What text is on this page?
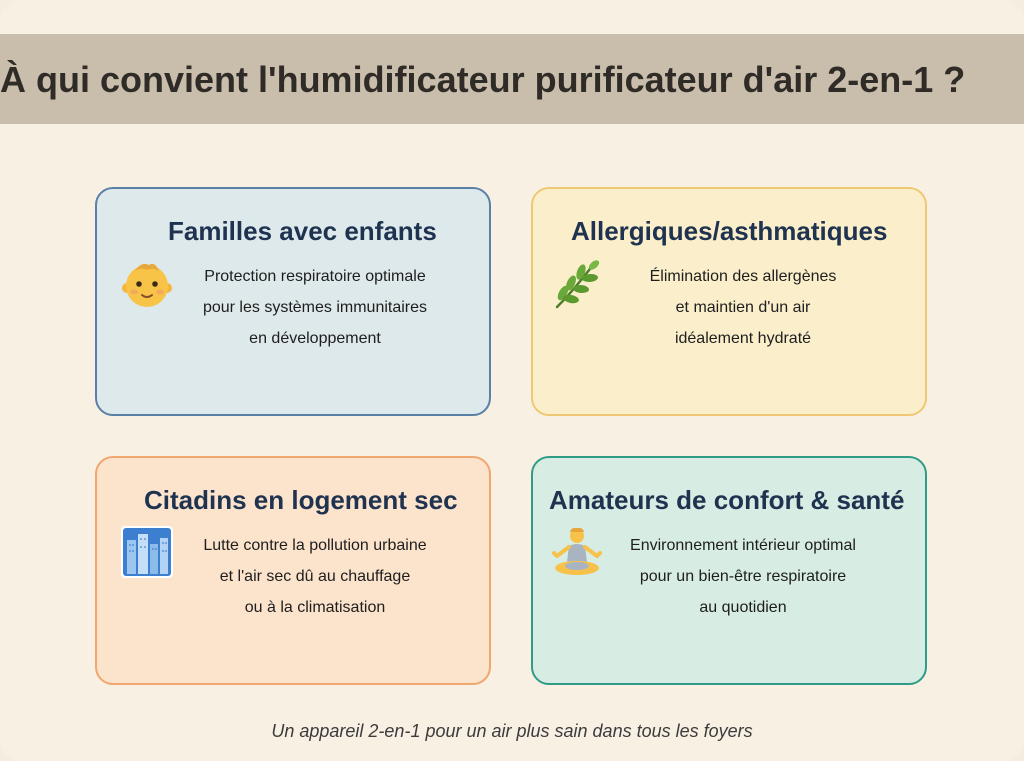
À qui convient l'humidificateur purificateur d'air 2-en-1 ?
Familles avec enfants
Protection respiratoire optimale
pour les systèmes immunitaires
en développement
Allergiques/asthmatiques
Élimination des allergènes
et maintien d'un air
idéalement hydraté
Citadins en logement sec
Lutte contre la pollution urbaine
et l'air sec dû au chauffage
ou à la climatisation
Amateurs de confort & santé
Environnement intérieur optimal
pour un bien-être respiratoire
au quotidien
Un appareil 2-en-1 pour un air plus sain dans tous les foyers
